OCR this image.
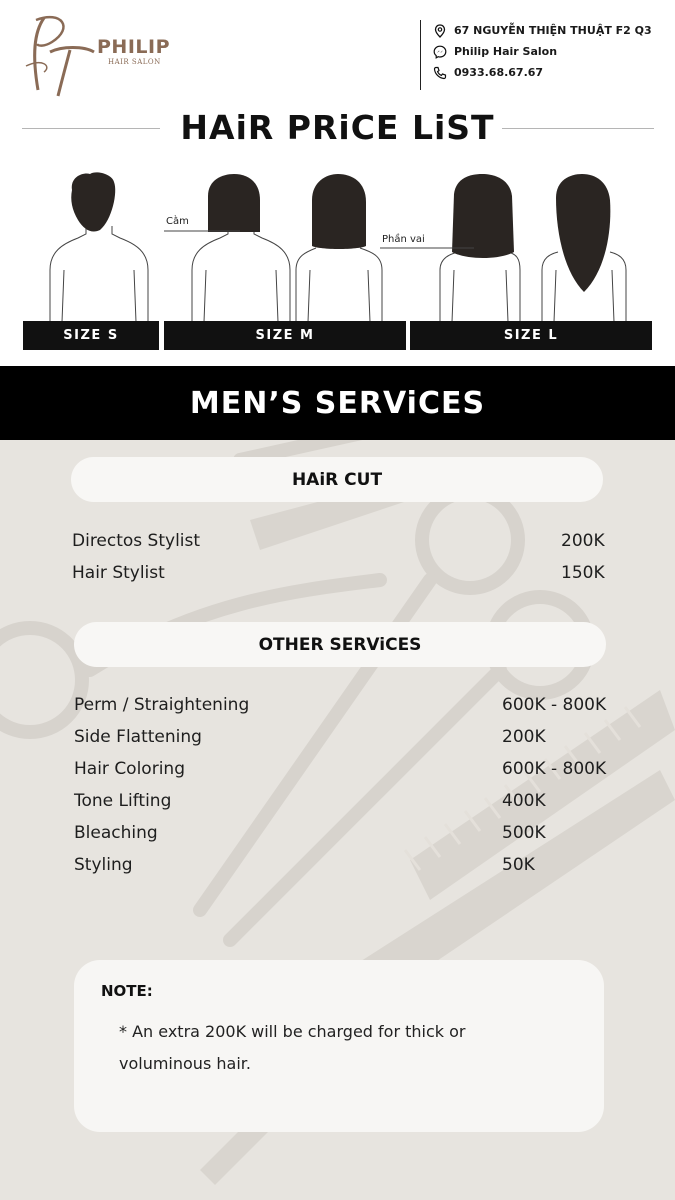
PHILIP
HAIR SALON
67 NGUYỄN THIỆN THUẬT F2 Q3
Philip Hair Salon
0933.68.67.67
HAiR PRiCE LiST
Cằm
Phần vai
SIZE S	SIZE M	SIZE L
MEN’S SERViCES
HAiR CUT
Directos Stylist	200K
Hair Stylist	150K
OTHER SERViCES
Perm / Straightening	600K - 800K
Side Flattening	200K
Hair Coloring	600K - 800K
Tone Lifting	400K
Bleaching	500K
Styling	50K
NOTE:
* An extra 200K will be charged for thick or voluminous hair.
